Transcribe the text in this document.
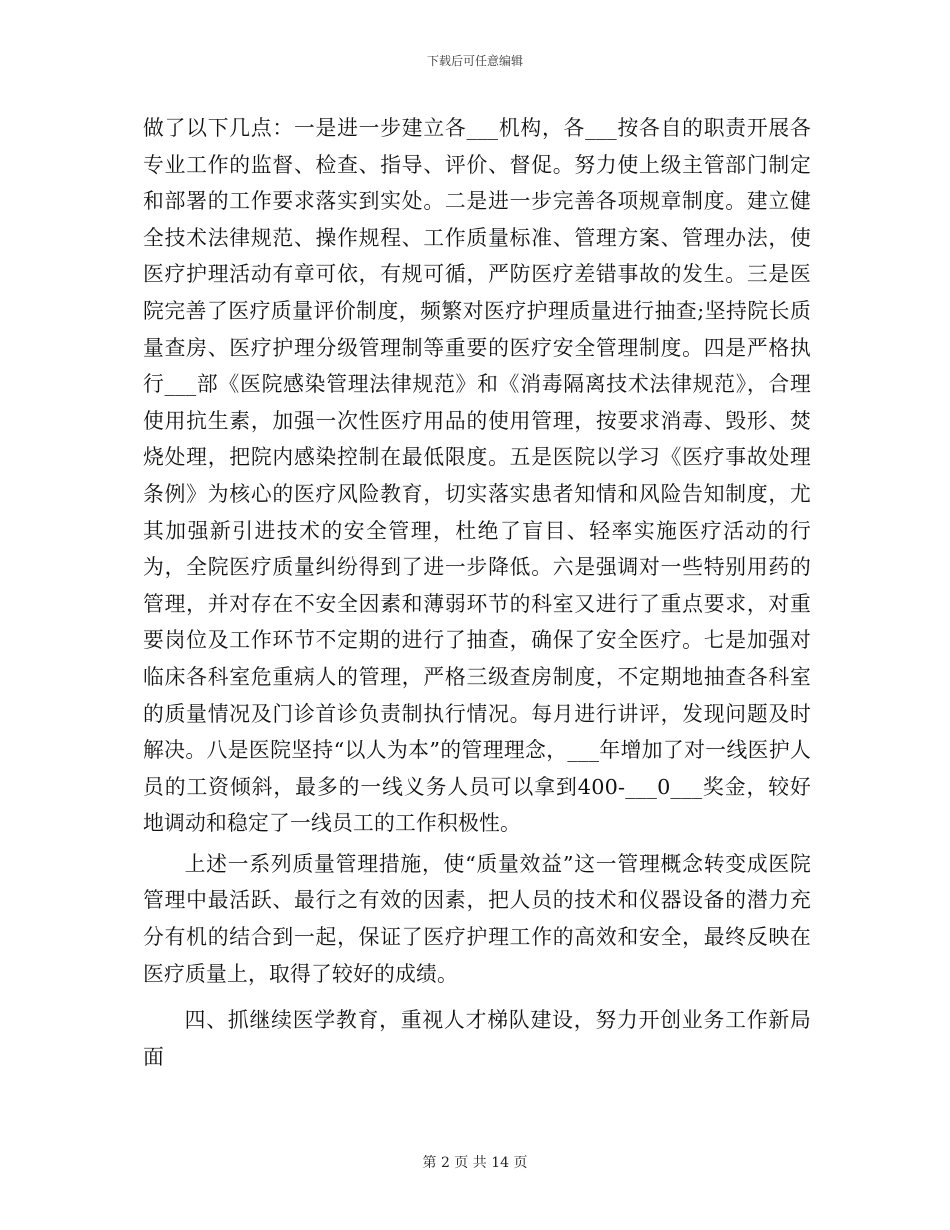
下载后可任意编辑

做了以下几点：一是进一步建立各___机构，各___按各自的职责开展各专业工作的监督、检查、指导、评价、督促。努力使上级主管部门制定和部署的工作要求落实到实处。二是进一步完善各项规章制度。建立健全技术法律规范、操作规程、工作质量标准、管理方案、管理办法，使医疗护理活动有章可依，有规可循，严防医疗差错事故的发生。三是医院完善了医疗质量评价制度，频繁对医疗护理质量进行抽查;坚持院长质量查房、医疗护理分级管理制等重要的医疗安全管理制度。四是严格执行___部《医院感染管理法律规范》和《消毒隔离技术法律规范》，合理使用抗生素，加强一次性医疗用品的使用管理，按要求消毒、毁形、焚烧处理，把院内感染控制在最低限度。五是医院以学习《医疗事故处理条例》为核心的医疗风险教育，切实落实患者知情和风险告知制度，尤其加强新引进技术的安全管理，杜绝了盲目、轻率实施医疗活动的行为，全院医疗质量纠纷得到了进一步降低。六是强调对一些特别用药的管理，并对存在不安全因素和薄弱环节的科室又进行了重点要求，对重要岗位及工作环节不定期的进行了抽查，确保了安全医疗。七是加强对临床各科室危重病人的管理，严格三级查房制度，不定期地抽查各科室的质量情况及门诊首诊负责制执行情况。每月进行讲评，发现问题及时解决。八是医院坚持“以人为本”的管理理念，___年增加了对一线医护人员的工资倾斜，最多的一线义务人员可以拿到400-___0___奖金，较好地调动和稳定了一线员工的工作积极性。

上述一系列质量管理措施，使“质量效益”这一管理概念转变成医院管理中最活跃、最行之有效的因素，把人员的技术和仪器设备的潜力充分有机的结合到一起，保证了医疗护理工作的高效和安全，最终反映在医疗质量上，取得了较好的成绩。

四、抓继续医学教育，重视人才梯队建设，努力开创业务工作新局面

第 2 页 共 14 页
